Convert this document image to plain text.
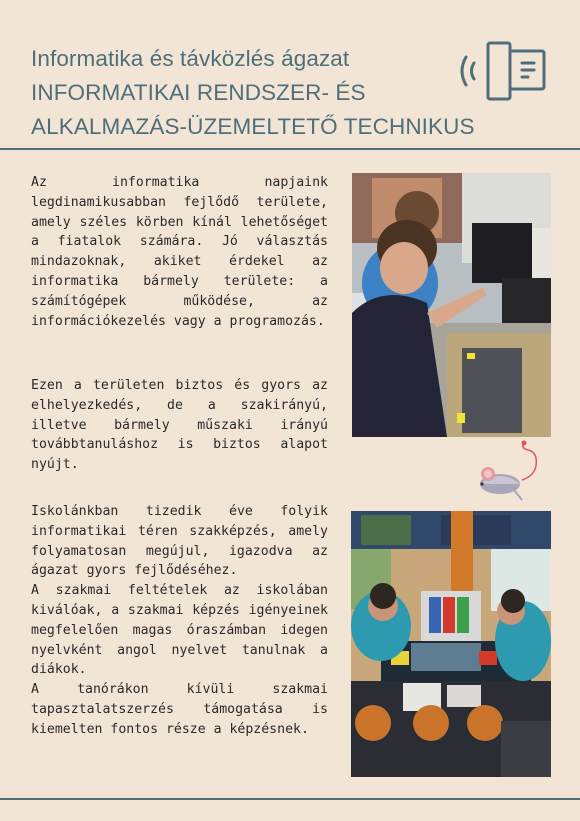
Informatika és távközlés ágazat
INFORMATIKAI RENDSZER- ÉS
ALKALMAZÁS-ÜZEMELTETŐ TECHNIKUS

Az informatika napjaink legdinamikusabban fejlődő területe, amely széles körben kínál lehetőséget a fiatalok számára. Jó választás mindazoknak, akiket érdekel az informatika bármely területe: a számítógépek működése, az információkezelés vagy a programozás.

Ezen a területen biztos és gyors az elhelyezkedés, de a szakirányú, illetve bármely műszaki irányú továbbtanuláshoz is biztos alapot nyújt.

Iskolánkban tizedik éve folyik informatikai téren szakképzés, amely folyamatosan megújul, igazodva az ágazat gyors fejlődéséhez.

A szakmai feltételek az iskolában kiválóak, a szakmai képzés igényeinek megfelelően magas óraszámban idegen nyelvként angol nyelvet tanulnak a diákok.

A tanórákon kívüli szakmai tapasztalatszerzés támogatása is kiemelten fontos része a képzésnek.
